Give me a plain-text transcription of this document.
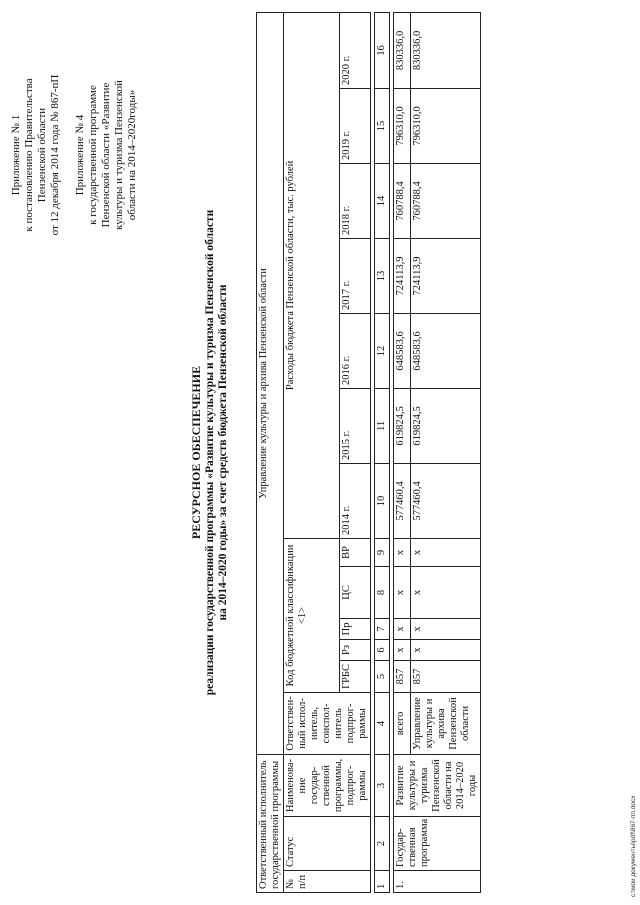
Приложение № 1 к постановлению Правительства Пензенской области от 12 декабря 2014 года № 867-пП Приложение № 4 к государственной программе Пензенской области «Развитие культуры и туризма Пензенской области на 2014–2020годы»

РЕСУРСНОЕ ОБЕСПЕЧЕНИЕ реализации государственной программы «Развитие культуры и туризма Пензенской области на 2014–2020 годы» за счет средств бюджета Пензенской области

Ответственный исполнитель государственной программы			Управление культуры и архива Пензенской области												
№ п/п	Статус	Наименова-ние государ-ственной программы, подпрог-раммы	Ответствен-ный испол-нитель, соиспол-нитель подпрог-раммы	Код бюджетной классификации <1>					Расходы бюджета Пензенской области, тыс. рублей						
				ГРБС	Рз	Пр	ЦС	ВР	2014 г.	2015 г.	2016 г.	2017 г.	2018 г.	2019 г.	2020 г.

1	2	3	4	5	6	7	8	9	10	11	12	13	14	15	16

1.	Государ-ственная программа	Развитие культуры и туризма Пензенской области на 2014–2020 годы	всего	857	х	х	х	х	577460,4	619824,5	648583,6	724113,9	760788,4	796310,0	830336,0
			Управление культуры и архива Пензенской области	857	х	х	х	х	577460,4	619824,5	648583,6	724113,9	760788,4	796310,0	830336,0
c:\мои документы\pdf\867-пп.docx
